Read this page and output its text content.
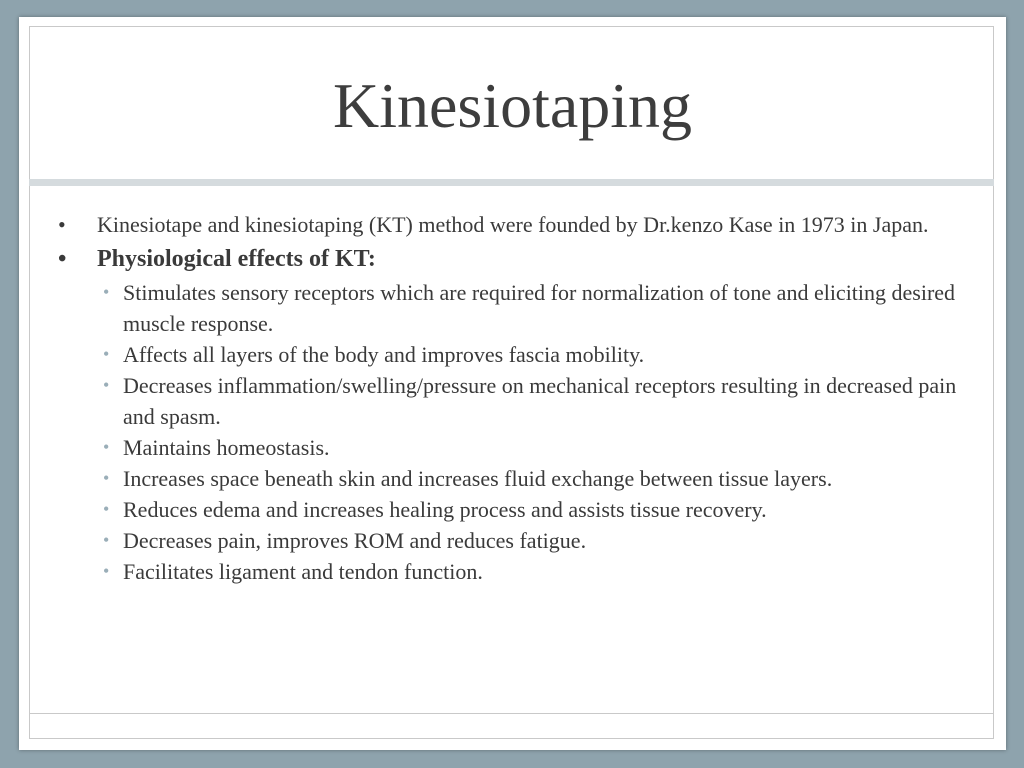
Kinesiotaping

• Kinesiotape and kinesiotaping (KT) method were founded by Dr.kenzo Kase in 1973 in Japan.

• Physiological effects of KT:

• Stimulates sensory receptors which are required for normalization of tone and eliciting desired muscle response.

• Affects all layers of the body and improves fascia mobility.

• Decreases inflammation/swelling/pressure on mechanical receptors resulting in decreased pain and spasm.

• Maintains homeostasis.

• Increases space beneath skin and increases fluid exchange between tissue layers.

• Reduces edema and increases healing process and assists tissue recovery.

• Decreases pain, improves ROM and reduces fatigue.

• Facilitates ligament and tendon function.
